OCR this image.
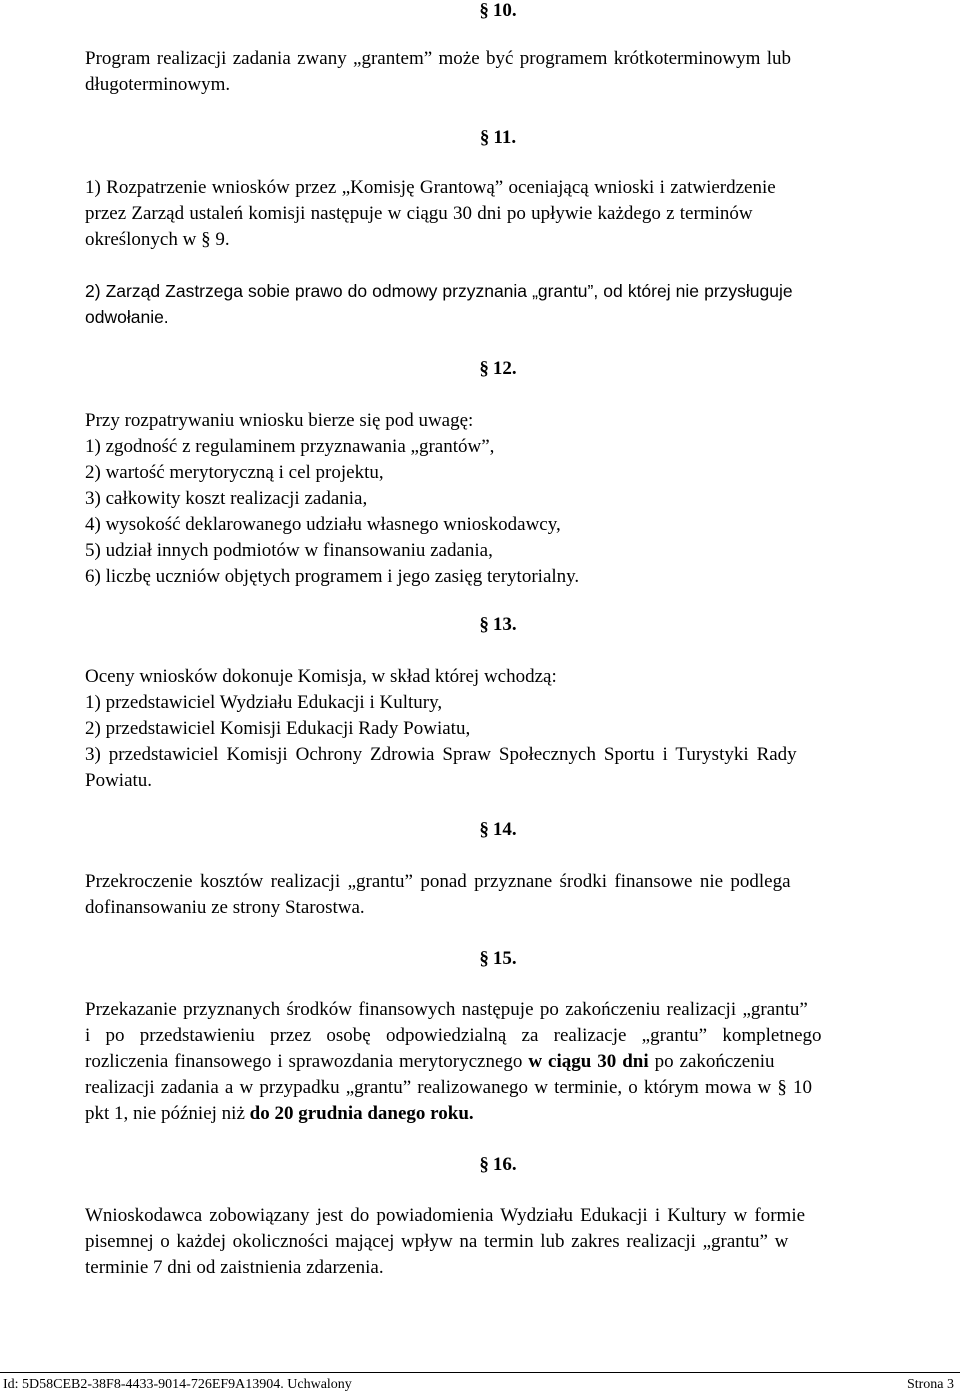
§ 10.
Program realizacji zadania zwany „grantem” może być programem krótkoterminowym lub
długoterminowym.
§ 11.
1) Rozpatrzenie wniosków przez „Komisję Grantową” oceniającą wnioski i zatwierdzenie
przez Zarząd ustaleń komisji następuje w ciągu 30 dni po upływie każdego z terminów
określonych w § 9.
2) Zarząd Zastrzega sobie prawo do odmowy przyznania „grantu”, od której nie przysługuje
odwołanie.
§ 12.
Przy rozpatrywaniu wniosku bierze się pod uwagę:
1) zgodność z regulaminem przyznawania „grantów”,
2) wartość merytoryczną i cel projektu,
3) całkowity koszt realizacji zadania,
4) wysokość deklarowanego udziału własnego wnioskodawcy,
5) udział innych podmiotów w finansowaniu zadania,
6) liczbę uczniów objętych programem i jego zasięg terytorialny.
§ 13.
Oceny wniosków dokonuje Komisja, w skład której wchodzą:
1) przedstawiciel Wydziału Edukacji i Kultury,
2) przedstawiciel Komisji Edukacji Rady Powiatu,
3) przedstawiciel Komisji Ochrony Zdrowia Spraw Społecznych Sportu i Turystyki Rady
Powiatu.
§ 14.
Przekroczenie kosztów realizacji „grantu” ponad przyznane środki finansowe nie podlega
dofinansowaniu ze strony Starostwa.
§ 15.
Przekazanie przyznanych środków finansowych następuje po zakończeniu realizacji „grantu”
i po przedstawieniu przez osobę odpowiedzialną za realizacje „grantu” kompletnego
rozliczenia finansowego i sprawozdania merytorycznego w ciągu 30 dni po zakończeniu
realizacji zadania a w przypadku „grantu” realizowanego w terminie, o którym mowa w § 10
pkt 1, nie później niż do 20 grudnia danego roku.
§ 16.
Wnioskodawca zobowiązany jest do powiadomienia Wydziału Edukacji i Kultury w formie
pisemnej o każdej okoliczności mającej wpływ na termin lub zakres realizacji „grantu” w
terminie 7 dni od zaistnienia zdarzenia.
Id: 5D58CEB2-38F8-4433-9014-726EF9A13904. Uchwalony	Strona 3
